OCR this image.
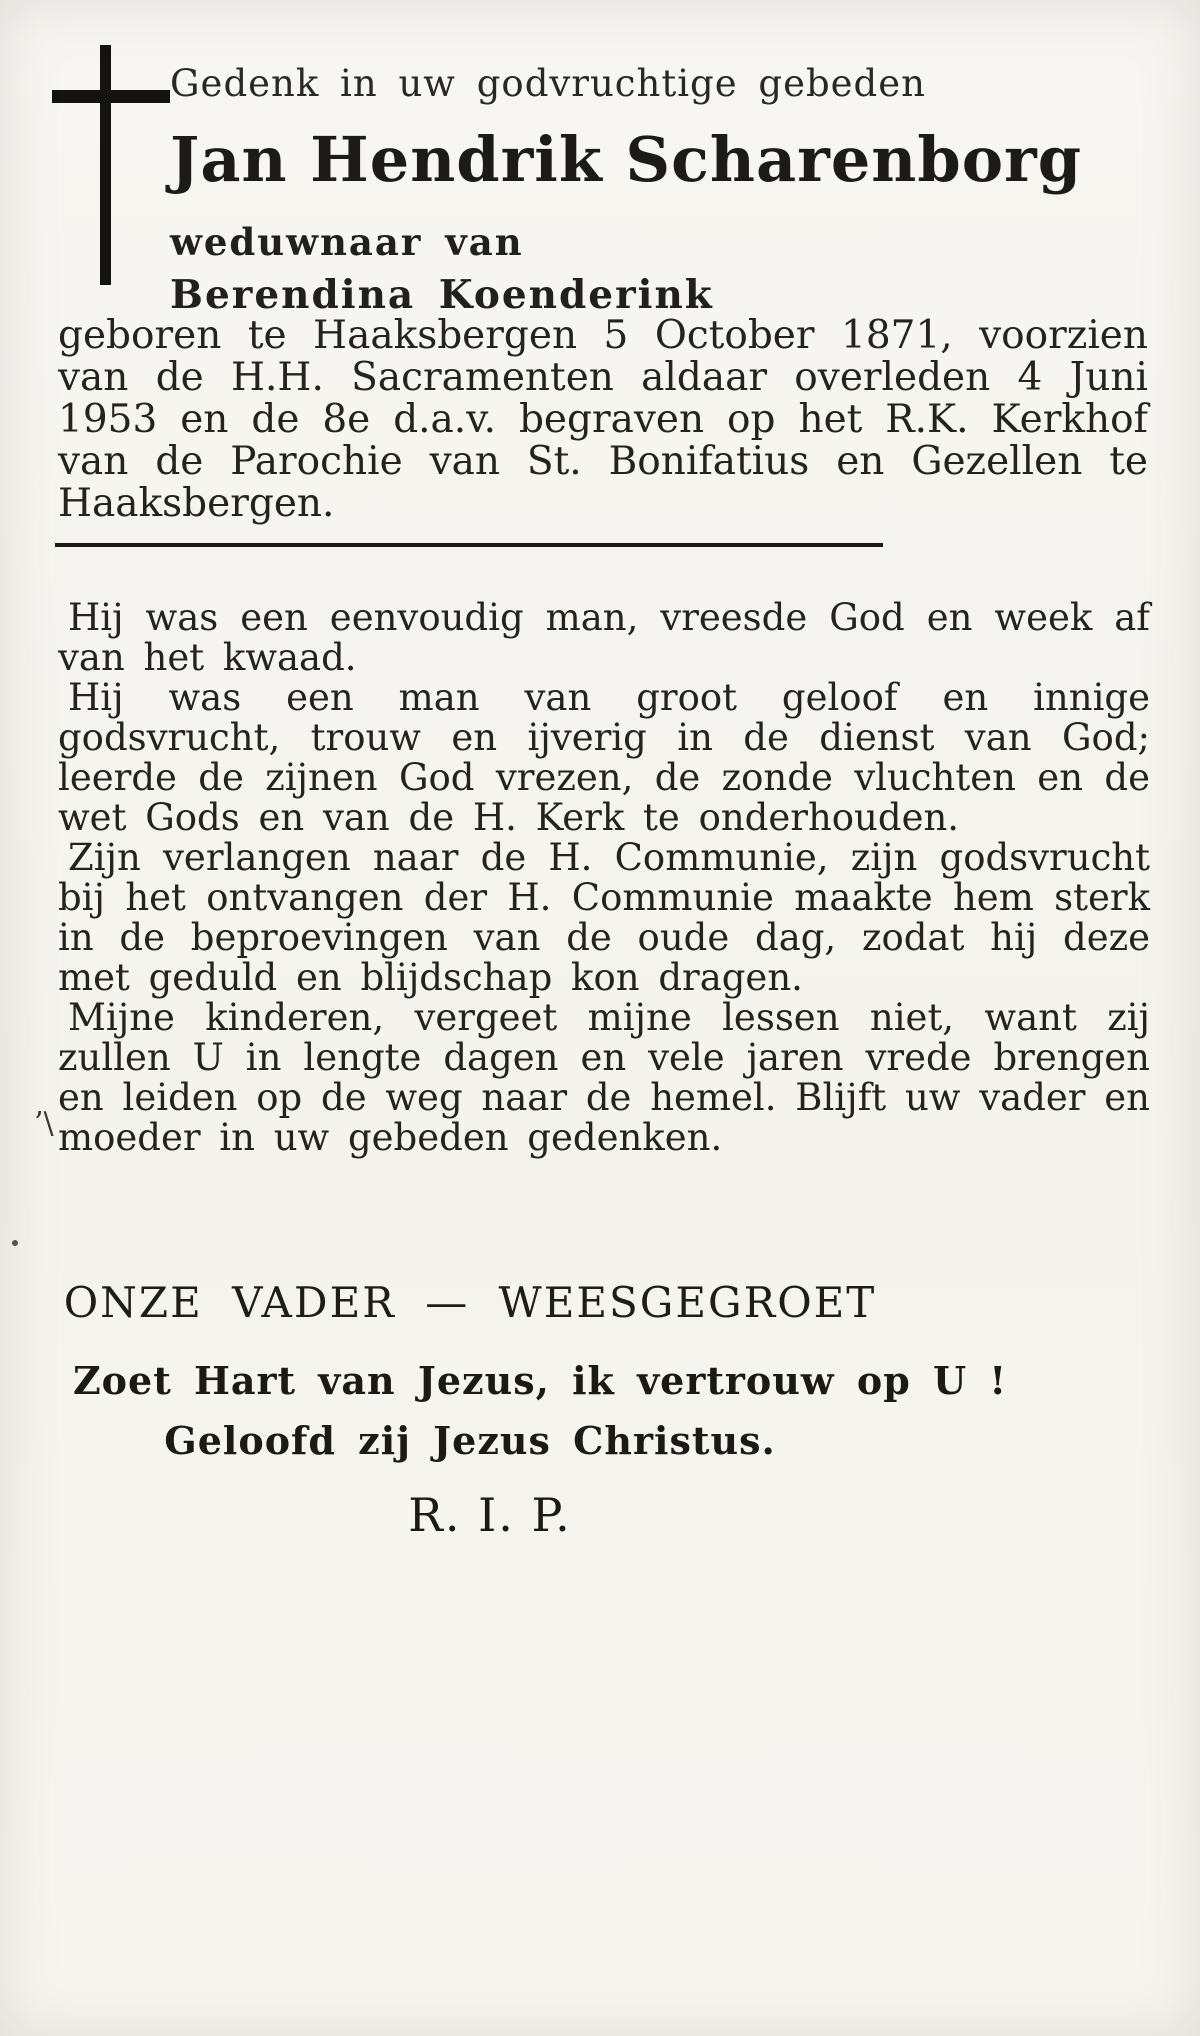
Gedenk in uw godvruchtige gebeden
Jan Hendrik Scharenborg
weduwnaar van
Berendina Koenderink
geboren te Haaksbergen 5 October 1871, voorzien van de H.H. Sacramenten aldaar overleden 4 Juni 1953 en de 8e d.a.v. begraven op het R.K. Kerkhof van de Parochie van St. Bonifatius en Gezellen te Haaksbergen.

Hij was een eenvoudig man, vreesde God en week af van het kwaad.

Hij was een man van groot geloof en innige godsvrucht, trouw en ijverig in de dienst van God; leerde de zijnen God vrezen, de zonde vluchten en de wet Gods en van de H. Kerk te onderhouden.

Zijn verlangen naar de H. Communie, zijn godsvrucht bij het ontvangen der H. Communie maakte hem sterk in de beproevingen van de oude dag, zodat hij deze met geduld en blijdschap kon dragen.

Mijne kinderen, vergeet mijne lessen niet, want zij zullen U in lengte dagen en vele jaren vrede brengen en leiden op de weg naar de hemel. Blijft uw vader en moeder in uw gebeden gedenken.

ONZE VADER — WEESGEGROET
Zoet Hart van Jezus, ik vertrouw op U !
Geloofd zij Jezus Christus.
R. I. P.
’\
